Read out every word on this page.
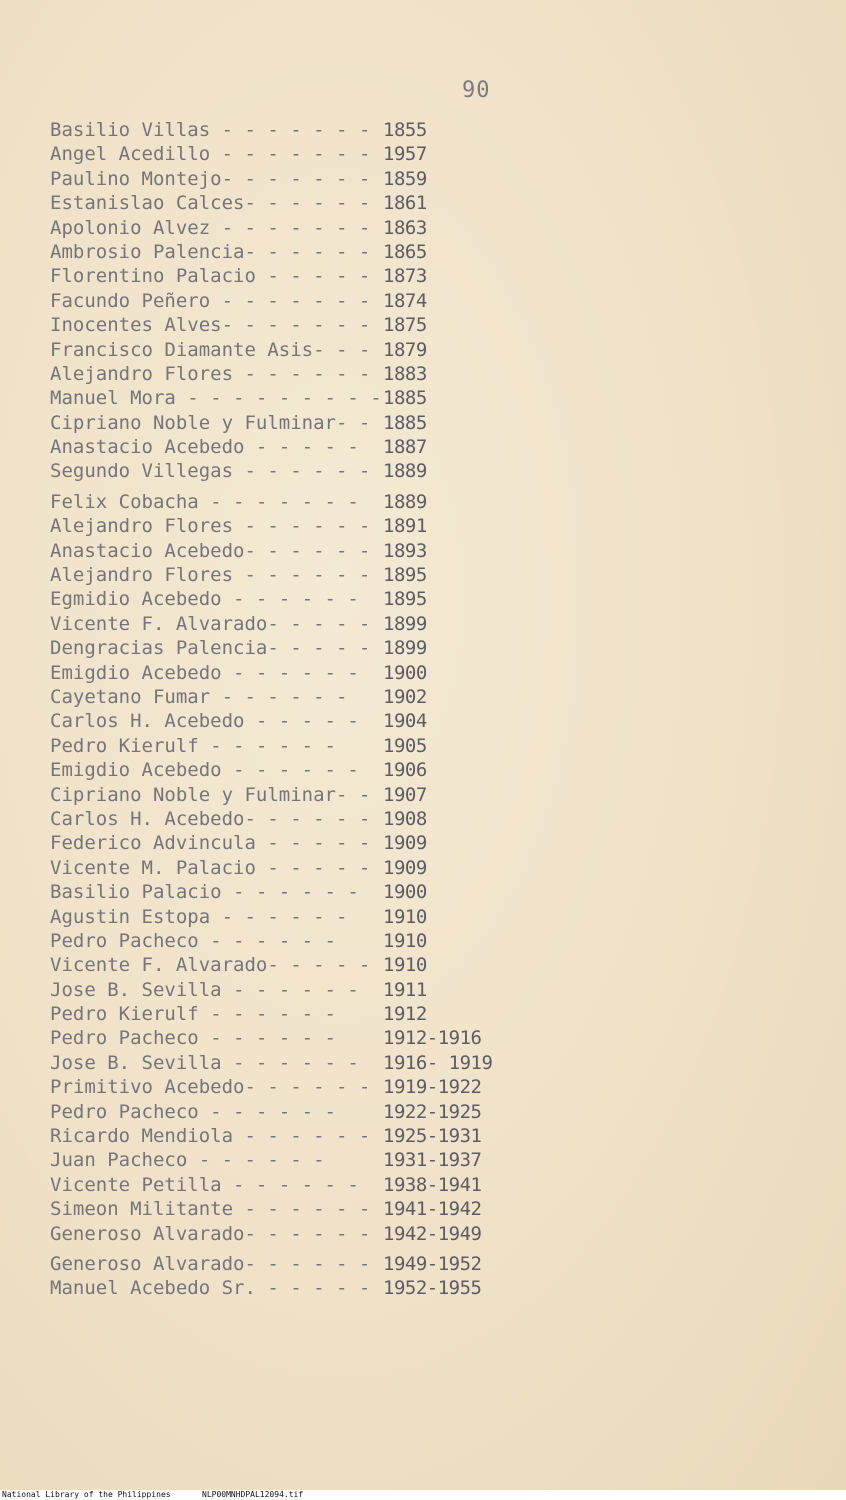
90
Basilio Villas - - - - - - - 1855
Angel Acedillo - - - - - - - 1957
Paulino Montejo- - - - - - - 1859
Estanislao Calces- - - - - - 1861
Apolonio Alvez - - - - - - - 1863
Ambrosio Palencia- - - - - - 1865
Florentino Palacio - - - - - 1873
Facundo Peñero - - - - - - - 1874
Inocentes Alves- - - - - - - 1875
Francisco Diamante Asis- - - 1879
Alejandro Flores - - - - - - 1883
Manuel Mora - - - - - - - - - 1885
Cipriano Noble y Fulminar- - 1885
Anastacio Acebedo - - - - -	1887
Segundo Villegas - - - - - - 1889
Felix Cobacha - - - - - - -	1889
Alejandro Flores - - - - - - 1891
Anastacio Acebedo- - - - - - 1893
Alejandro Flores - - - - - - 1895
Egmidio Acebedo - - - - - -	1895
Vicente F. Alvarado- - - - - 1899
Dengracias Palencia- - - - - 1899
Emigdio Acebedo - - - - - -	1900
Cayetano Fumar - - - - - -	1902
Carlos H. Acebedo - - - - -	1904
Pedro Kierulf - - - - - -	1905
Emigdio Acebedo - - - - - -	1906
Cipriano Noble y Fulminar- - 1907
Carlos H. Acebedo- - - - - - 1908
Federico Advincula - - - - - 1909
Vicente M. Palacio - - - - - 1909
Basilio Palacio - - - - - -	1900
Agustin Estopa - - - - - -	1910
Pedro Pacheco - - - - - -	1910
Vicente F. Alvarado- - - - - 1910
Jose B. Sevilla - - - - - -	1911
Pedro Kierulf - - - - - -	1912
Pedro Pacheco - - - - - -	1912-1916
Jose B. Sevilla - - - - - -	1916- 1919
Primitivo Acebedo- - - - - - 1919-1922
Pedro Pacheco - - - - - -	1922-1925
Ricardo Mendiola - - - - - - 1925-1931
Juan Pacheco - - - - - -	1931-1937
Vicente Petilla - - - - - -	1938-1941
Simeon Militante - - - - - - 1941-1942
Generoso Alvarado- - - - - - 1942-1949
Generoso Alvarado- - - - - - 1949-1952
Manuel Acebedo Sr. - - - - - 1952-1955
National Library of the Philippines	NLP00MNHDPAL12094.tif
